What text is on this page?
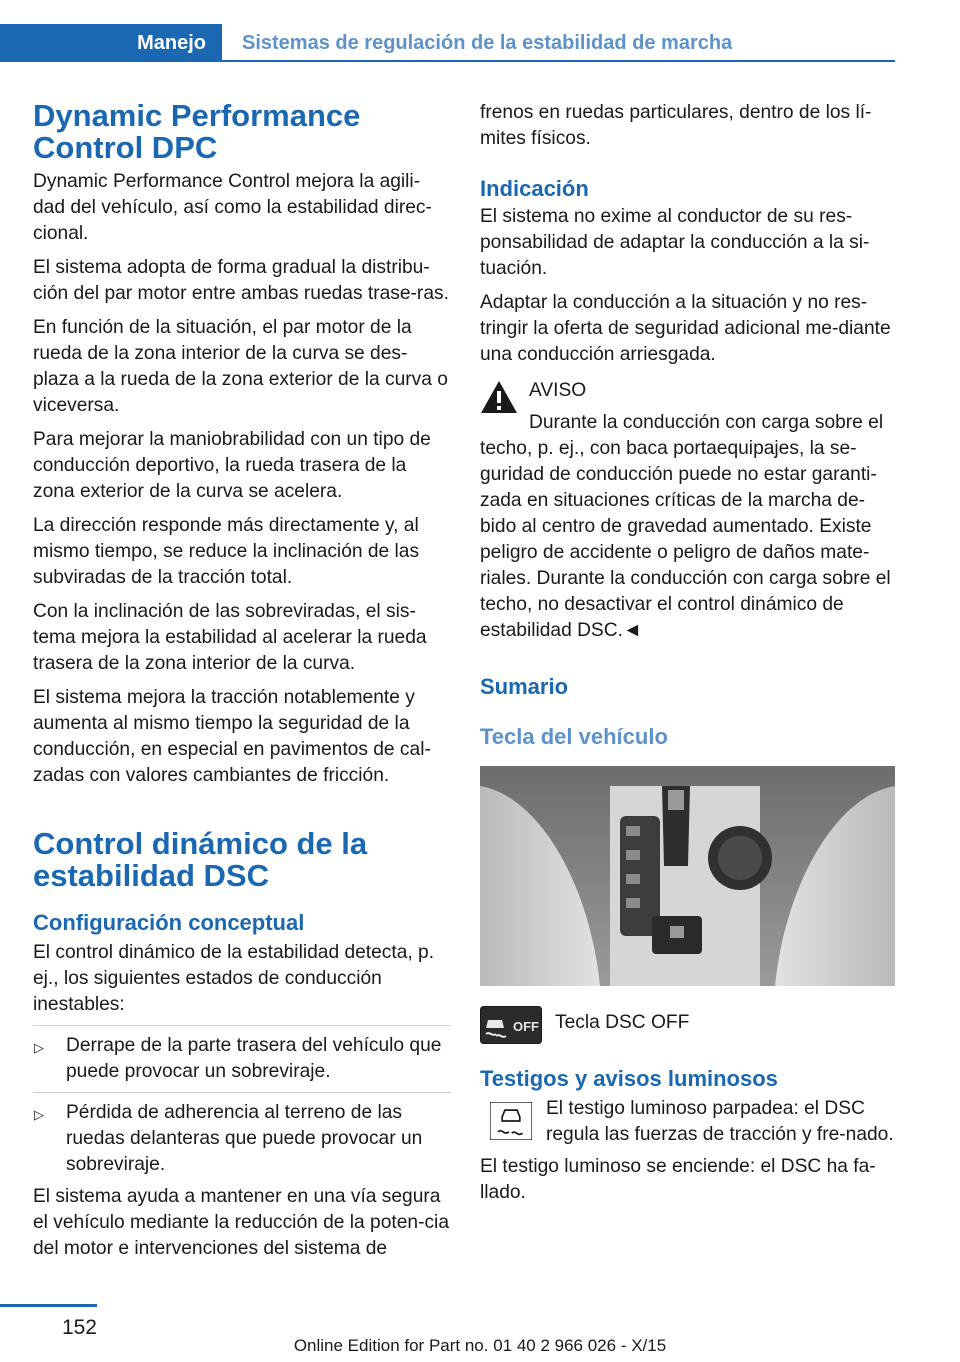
Manejo	Sistemas de regulación de la estabilidad de marcha
Dynamic Performance Control DPC

Dynamic Performance Control mejora la agili‐dad del vehículo, así como la estabilidad direc‐cional.

El sistema adopta de forma gradual la distribu‐ción del par motor entre ambas ruedas trase‐ras.

En función de la situación, el par motor de la rueda de la zona interior de la curva se des‐plaza a la rueda de la zona exterior de la curva o viceversa.

Para mejorar la maniobrabilidad con un tipo de conducción deportivo, la rueda trasera de la zona exterior de la curva se acelera.

La dirección responde más directamente y, al mismo tiempo, se reduce la inclinación de las subviradas de la tracción total.

Con la inclinación de las sobreviradas, el sis‐tema mejora la estabilidad al acelerar la rueda trasera de la zona interior de la curva.

El sistema mejora la tracción notablemente y aumenta al mismo tiempo la seguridad de la conducción, en especial en pavimentos de cal‐zadas con valores cambiantes de fricción.

Control dinámico de la estabilidad DSC
Configuración conceptual

El control dinámico de la estabilidad detecta, p. ej., los siguientes estados de conducción inestables:

▷ Derrape de la parte trasera del vehículo que puede provocar un sobreviraje.
▷ Pérdida de adherencia al terreno de las ruedas delanteras que puede provocar un sobreviraje.

El sistema ayuda a mantener en una vía segura el vehículo mediante la reducción de la poten‐cia del motor e intervenciones del sistema de

frenos en ruedas particulares, dentro de los lí‐mites físicos.

Indicación

El sistema no exime al conductor de su res‐ponsabilidad de adaptar la conducción a la si‐tuación.

Adaptar la conducción a la situación y no res‐tringir la oferta de seguridad adicional me‐diante una conducción arriesgada.

AVISO

Durante la conducción con carga sobre el techo, p. ej., con baca portaequipajes, la se‐guridad de conducción puede no estar garanti‐zada en situaciones críticas de la marcha de‐bido al centro de gravedad aumentado. Existe peligro de accidente o peligro de daños mate‐riales. Durante la conducción con carga sobre el techo, no desactivar el control dinámico de estabilidad DSC.◄

Sumario
Tecla del vehículo
OFF Tecla DSC OFF

Testigos y avisos luminosos

El testigo luminoso parpadea: el DSC regula las fuerzas de tracción y fre‐nado.

El testigo luminoso se enciende: el DSC ha fa‐llado.

152
Online Edition for Part no. 01 40 2 966 026 - X/15
